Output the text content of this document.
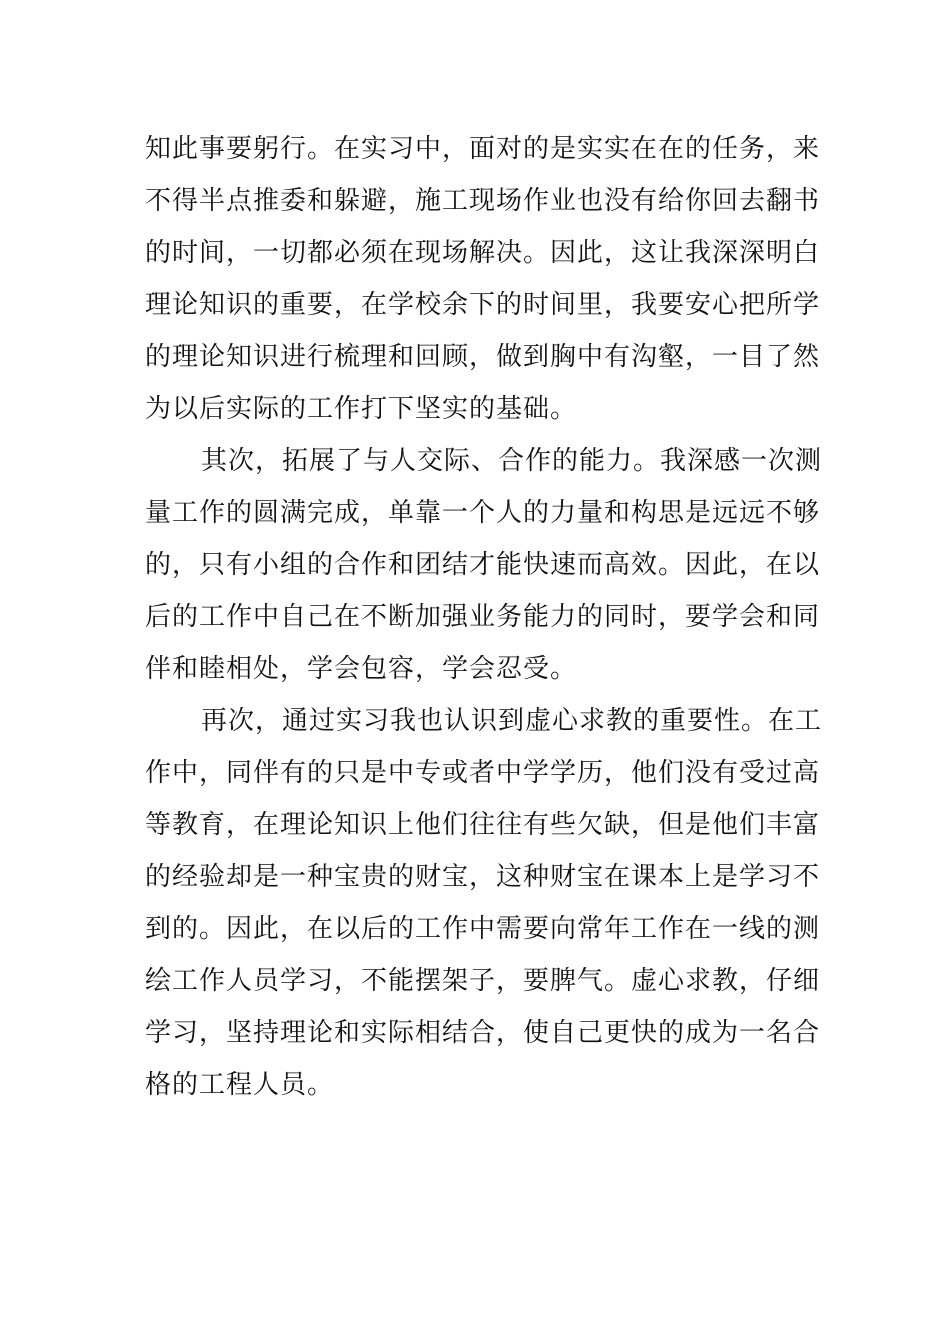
知此事要躬行。在实习中，面对的是实实在在的任务，来
不得半点推委和躲避，施工现场作业也没有给你回去翻书
的时间，一切都必须在现场解决。因此，这让我深深明白
理论知识的重要，在学校余下的时间里，我要安心把所学
的理论知识进行梳理和回顾，做到胸中有沟壑，一目了然
为以后实际的工作打下坚实的基础。
其次，拓展了与人交际、合作的能力。我深感一次测
量工作的圆满完成，单靠一个人的力量和构思是远远不够
的，只有小组的合作和团结才能快速而高效。因此，在以
后的工作中自己在不断加强业务能力的同时，要学会和同
伴和睦相处，学会包容，学会忍受。
再次，通过实习我也认识到虚心求教的重要性。在工
作中，同伴有的只是中专或者中学学历，他们没有受过高
等教育，在理论知识上他们往往有些欠缺，但是他们丰富
的经验却是一种宝贵的财宝，这种财宝在课本上是学习不
到的。因此，在以后的工作中需要向常年工作在一线的测
绘工作人员学习，不能摆架子，要脾气。虚心求教，仔细
学习，坚持理论和实际相结合，使自己更快的成为一名合
格的工程人员。
